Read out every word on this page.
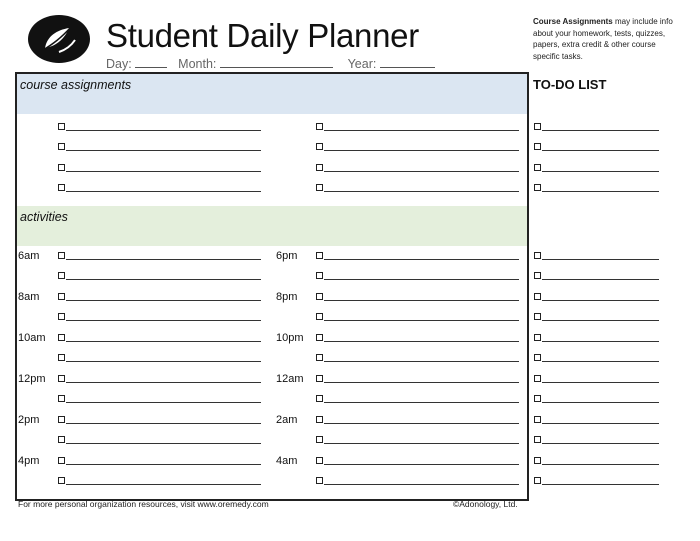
Student Daily Planner
Day:	Month:	Year:
Course Assignments may include info about your homework, tests, quizzes, papers, extra credit & other course specific tasks.
course assignments
activities
6am	6pm
8am	8pm
10am	10pm
12pm	12am
2pm	2am
4pm	4am
TO-DO LIST
For more personal organization resources, visit www.oremedy.com	©Adonology, Ltd.
